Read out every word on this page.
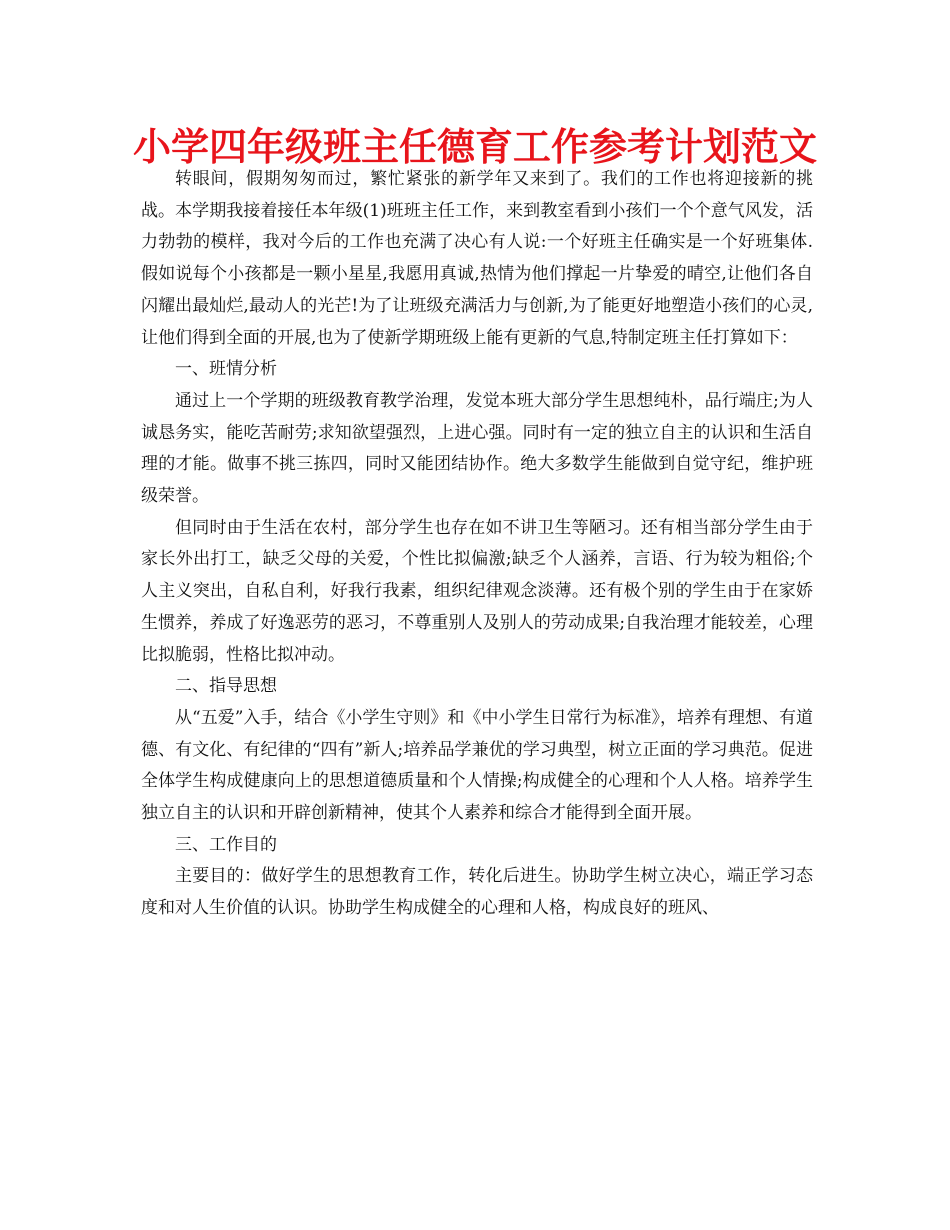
小学四年级班主任德育工作参考计划范文

转眼间，假期匆匆而过，繁忙紧张的新学年又来到了。我们的工作也将迎接新的挑战。本学期我接着接任本年级(1)班班主任工作，来到教室看到小孩们一个个意气风发，活力勃勃的模样，我对今后的工作也充满了决心有人说:一个好班主任确实是一个好班集体.假如说每个小孩都是一颗小星星,我愿用真诚,热情为他们撑起一片挚爱的晴空,让他们各自闪耀出最灿烂,最动人的光芒!为了让班级充满活力与创新,为了能更好地塑造小孩们的心灵,让他们得到全面的开展,也为了使新学期班级上能有更新的气息,特制定班主任打算如下：

一、班情分析

通过上一个学期的班级教育教学治理，发觉本班大部分学生思想纯朴，品行端庄;为人诚恳务实，能吃苦耐劳;求知欲望强烈，上进心强。同时有一定的独立自主的认识和生活自理的才能。做事不挑三拣四，同时又能团结协作。绝大多数学生能做到自觉守纪，维护班级荣誉。

但同时由于生活在农村，部分学生也存在如不讲卫生等陋习。还有相当部分学生由于家长外出打工，缺乏父母的关爱，个性比拟偏激;缺乏个人涵养，言语、行为较为粗俗;个人主义突出，自私自利，好我行我素，组织纪律观念淡薄。还有极个别的学生由于在家娇生惯养，养成了好逸恶劳的恶习，不尊重别人及别人的劳动成果;自我治理才能较差，心理比拟脆弱，性格比拟冲动。

二、指导思想

从“五爱”入手，结合《小学生守则》和《中小学生日常行为标准》，培养有理想、有道德、有文化、有纪律的“四有”新人;培养品学兼优的学习典型，树立正面的学习典范。促进全体学生构成健康向上的思想道德质量和个人情操;构成健全的心理和个人人格。培养学生独立自主的认识和开辟创新精神，使其个人素养和综合才能得到全面开展。

三、工作目的

主要目的：做好学生的思想教育工作，转化后进生。协助学生树立决心，端正学习态度和对人生价值的认识。协助学生构成健全的心理和人格，构成良好的班风、
